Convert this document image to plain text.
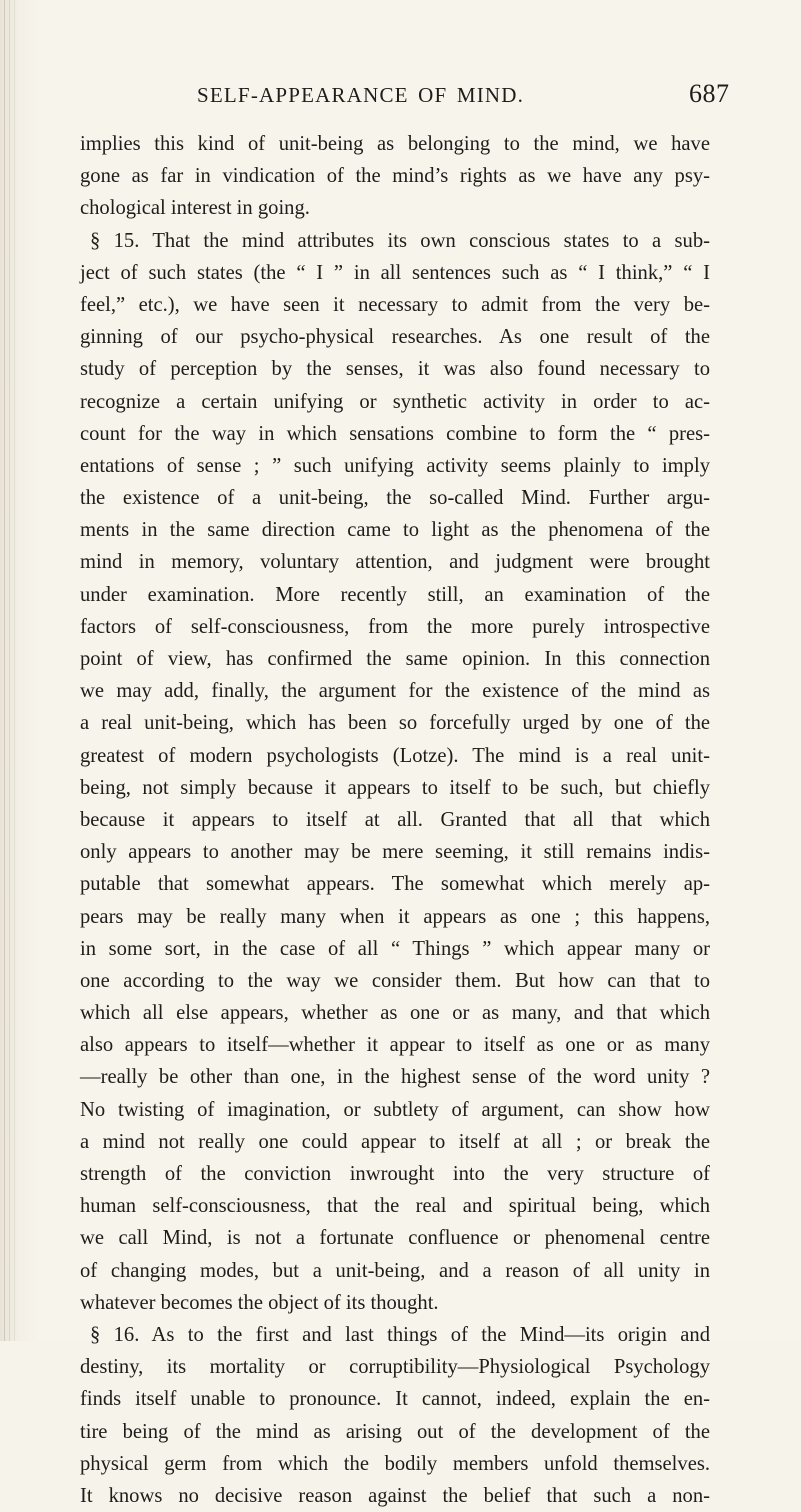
SELF-APPEARANCE OF MIND.	687
implies this kind of unit-being as belonging to the mind, we have
gone as far in vindication of the mind’s rights as we have any psy-
chological interest in going.
§ 15. That the mind attributes its own conscious states to a sub-
ject of such states (the “ I ” in all sentences such as “ I think,” “ I
feel,” etc.), we have seen it necessary to admit from the very be-
ginning of our psycho-physical researches. As one result of the
study of perception by the senses, it was also found necessary to
recognize a certain unifying or synthetic activity in order to ac-
count for the way in which sensations combine to form the “ pres-
entations of sense ; ” such unifying activity seems plainly to imply
the existence of a unit-being, the so-called Mind. Further argu-
ments in the same direction came to light as the phenomena of the
mind in memory, voluntary attention, and judgment were brought
under examination. More recently still, an examination of the
factors of self-consciousness, from the more purely introspective
point of view, has confirmed the same opinion. In this connection
we may add, finally, the argument for the existence of the mind as
a real unit-being, which has been so forcefully urged by one of the
greatest of modern psychologists (Lotze). The mind is a real unit-
being, not simply because it appears to itself to be such, but chiefly
because it appears to itself at all. Granted that all that which
only appears to another may be mere seeming, it still remains indis-
putable that somewhat appears. The somewhat which merely ap-
pears may be really many when it appears as one ; this happens,
in some sort, in the case of all “ Things ” which appear many or
one according to the way we consider them. But how can that to
which all else appears, whether as one or as many, and that which
also appears to itself—whether it appear to itself as one or as many
—really be other than one, in the highest sense of the word unity ?
No twisting of imagination, or subtlety of argument, can show how
a mind not really one could appear to itself at all ; or break the
strength of the conviction inwrought into the very structure of
human self-consciousness, that the real and spiritual being, which
we call Mind, is not a fortunate confluence or phenomenal centre
of changing modes, but a unit-being, and a reason of all unity in
whatever becomes the object of its thought.
§ 16. As to the first and last things of the Mind—its origin and
destiny, its mortality or corruptibility—Physiological Psychology
finds itself unable to pronounce. It cannot, indeed, explain the en-
tire being of the mind as arising out of the development of the
physical germ from which the bodily members unfold themselves.
It knows no decisive reason against the belief that such a non-
